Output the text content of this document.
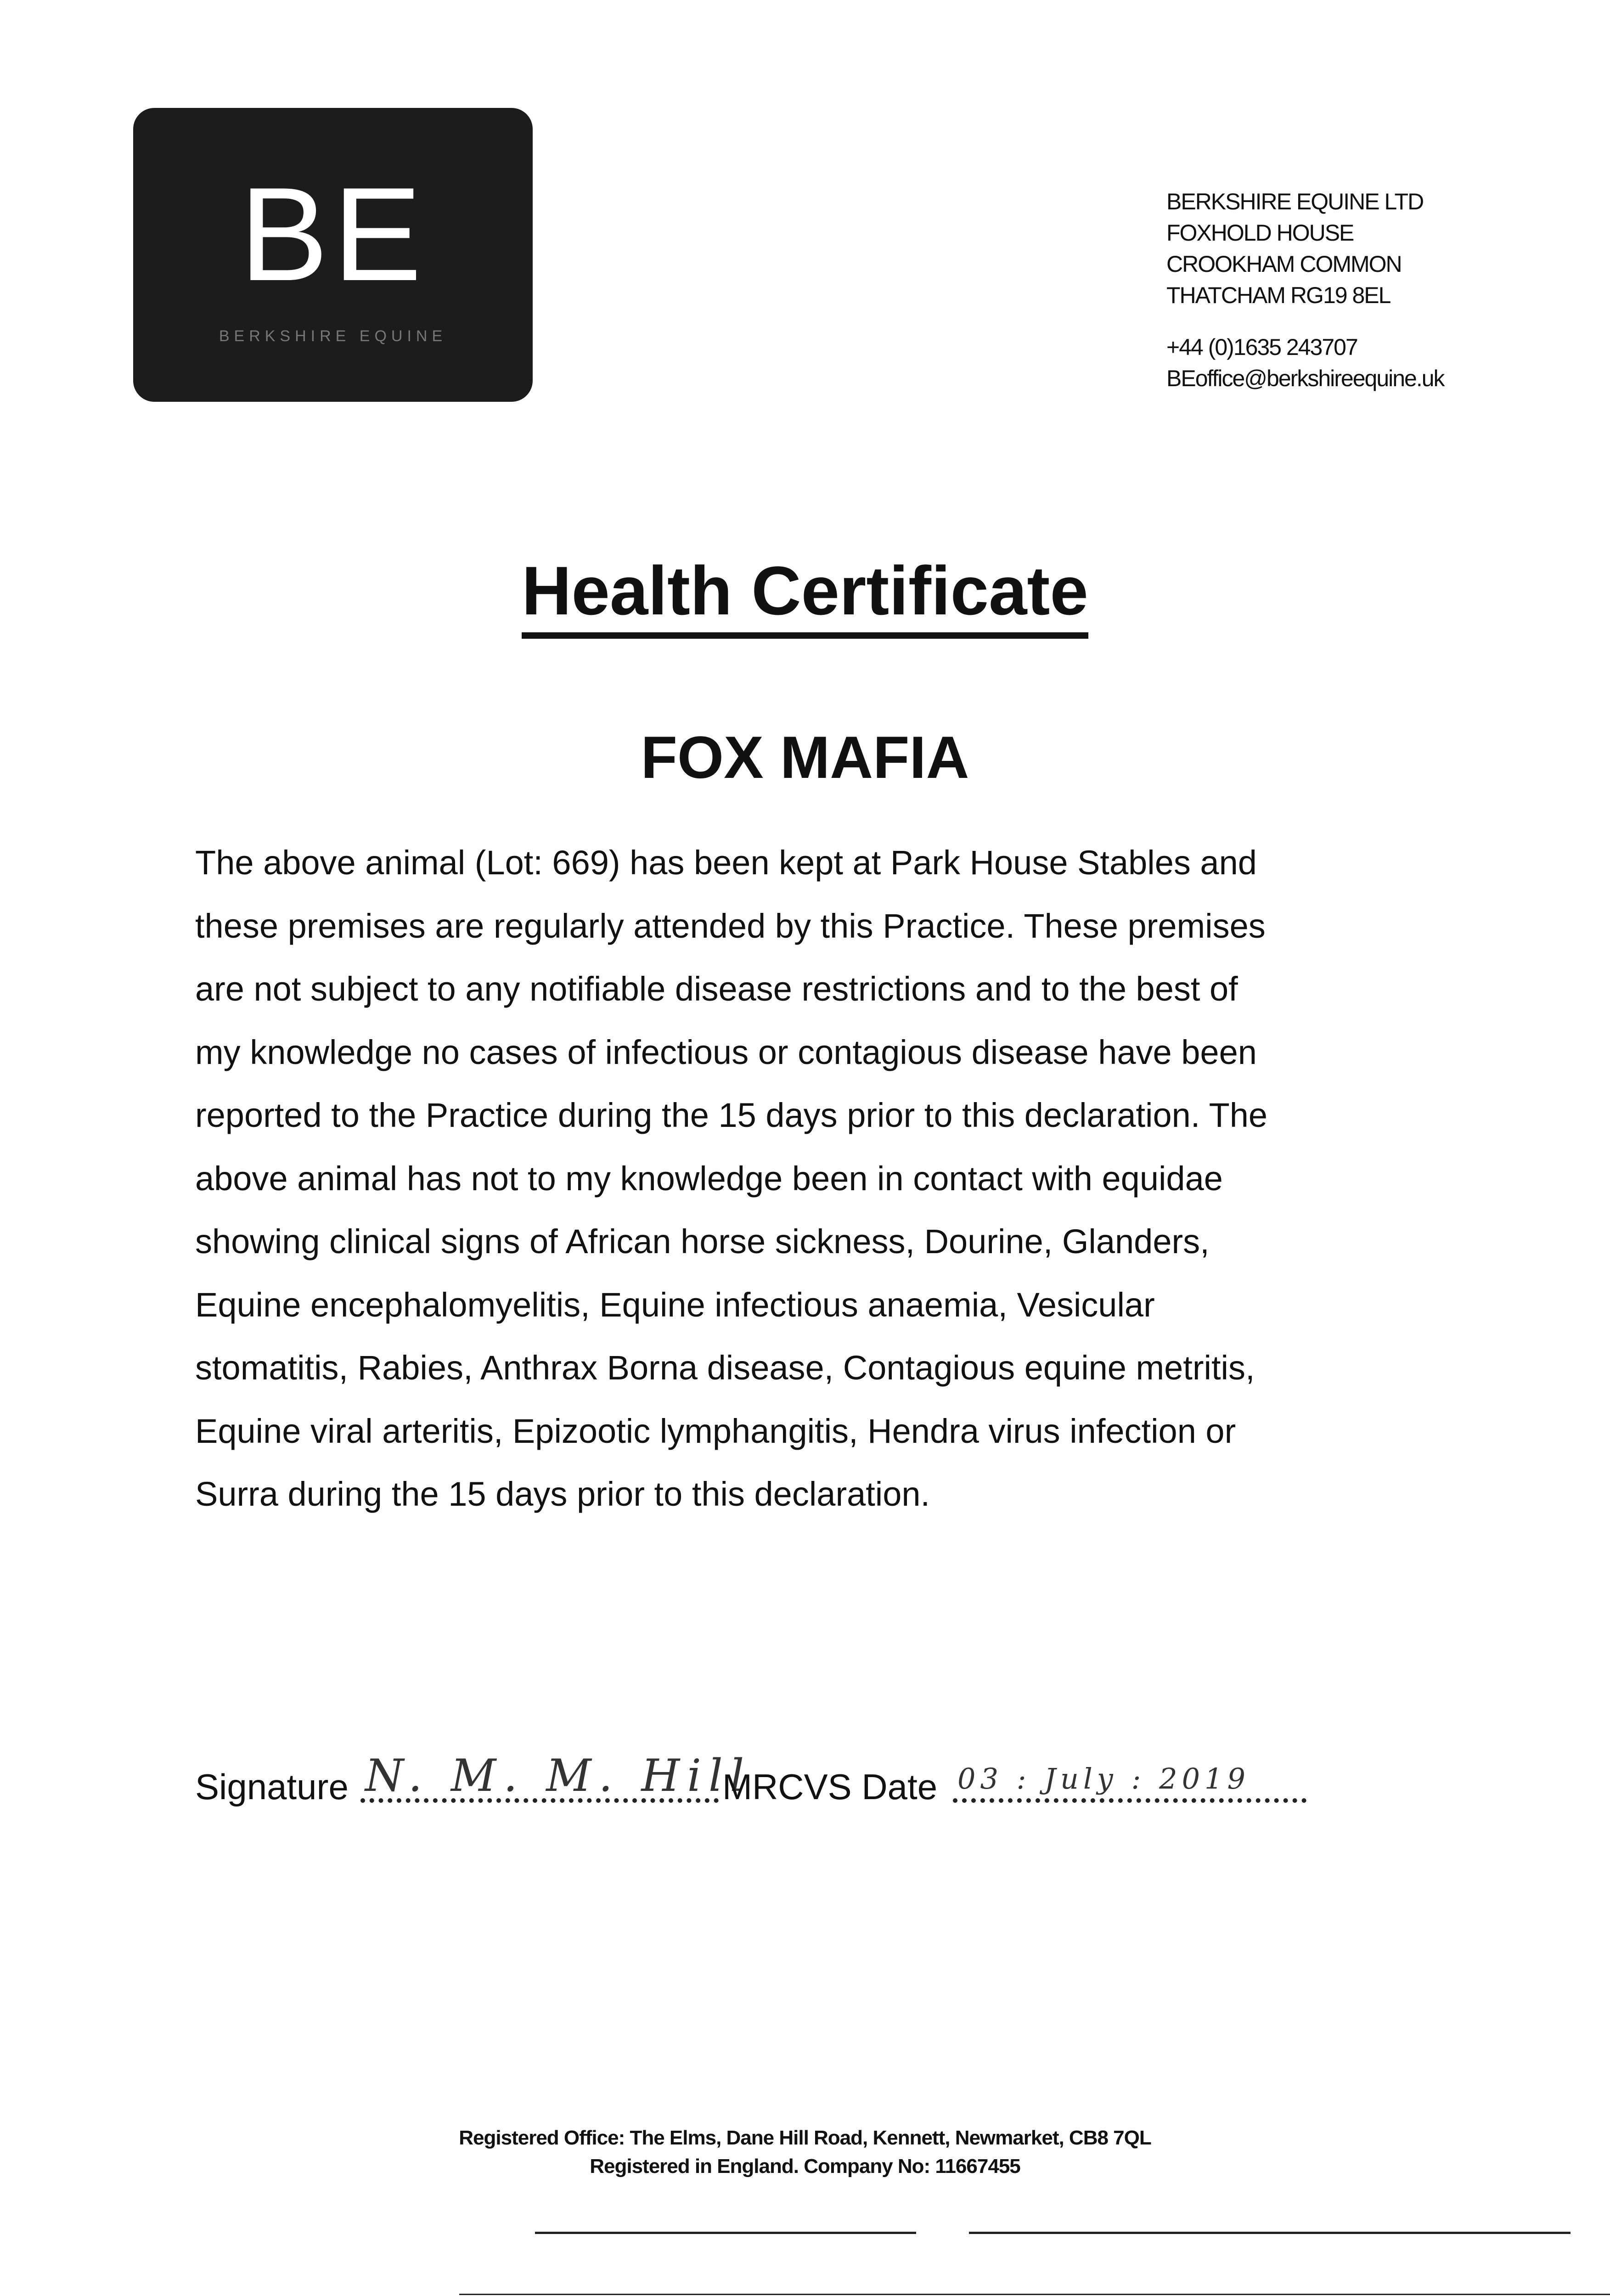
BE
BERKSHIRE EQUINE
BERKSHIRE EQUINE LTD
FOXHOLD HOUSE
CROOKHAM COMMON
THATCHAM RG19 8EL
+44 (0)1635 243707
BEoffice@berkshireequine.uk
Health Certificate
FOX MAFIA
The above animal (Lot: 669) has been kept at Park House Stables and
these premises are regularly attended by this Practice. These premises
are not subject to any notifiable disease restrictions and to the best of
my knowledge no cases of infectious or contagious disease have been
reported to the Practice during the 15 days prior to this declaration. The
above animal has not to my knowledge been in contact with equidae
showing clinical signs of African horse sickness, Dourine, Glanders,
Equine encephalomyelitis, Equine infectious anaemia, Vesicular
stomatitis, Rabies, Anthrax Borna disease, Contagious equine metritis,
Equine viral arteritis, Epizootic lymphangitis, Hendra virus infection or
Surra during the 15 days prior to this declaration.
Signature N. M. M. Hill
MRCVS Date 03 : July : 2019
Registered Office: The Elms, Dane Hill Road, Kennett, Newmarket, CB8 7QL
Registered in England. Company No: 11667455
